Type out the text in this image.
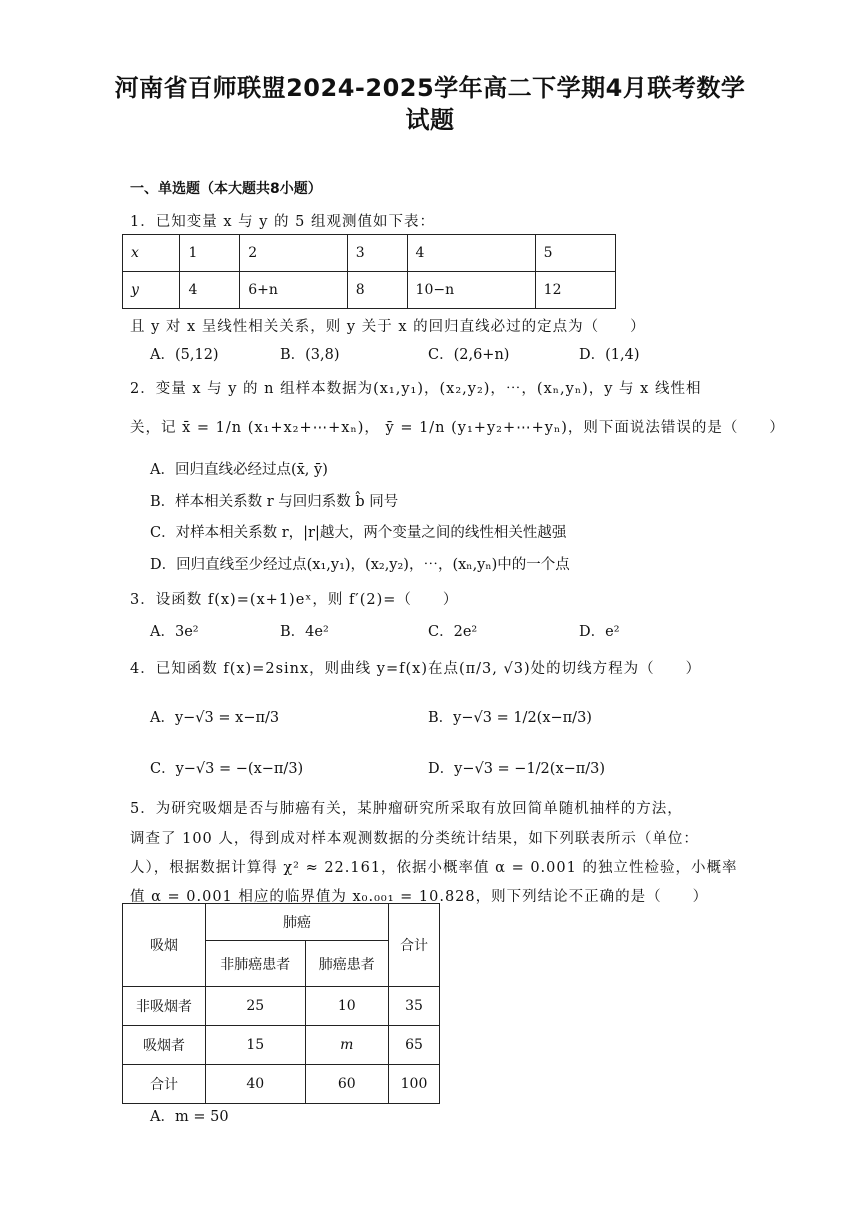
河南省百师联盟2024-2025学年高二下学期4月联考数学
试题
一、单选题（本大题共8小题）
1．已知变量 x 与 y 的 5 组观测值如下表：
x	1	2	3	4	5
y	4	6+n	8	10−n	12
且 y 对 x 呈线性相关关系，则 y 关于 x 的回归直线必过的定点为（　　）
A．(5,12)	B．(3,8)	C．(2,6+n)	D．(1,4)
2．变量 x 与 y 的 n 组样本数据为(x₁,y₁)，(x₂,y₂)，⋯，(xₙ,yₙ)，y 与 x 线性相
关，记 x̄ = 1/n (x₁+x₂+⋯+xₙ)， ȳ = 1/n (y₁+y₂+⋯+yₙ)，则下面说法错误的是（　　）
A．回归直线必经过点(x̄, ȳ)
B．样本相关系数 r 与回归系数 b̂ 同号
C．对样本相关系数 r，|r|越大，两个变量之间的线性相关性越强
D．回归直线至少经过点(x₁,y₁)，(x₂,y₂)，⋯，(xₙ,yₙ)中的一个点
3．设函数 f(x)=(x+1)eˣ，则 f′(2)=（　　）
A．3e²	B．4e²	C．2e²	D．e²
4．已知函数 f(x)=2sinx，则曲线 y=f(x)在点(π/3, √3)处的切线方程为（　　）
A．y−√3 = x−π/3	B．y−√3 = 1/2(x−π/3)
C．y−√3 = −(x−π/3)	D．y−√3 = −1/2(x−π/3)
5．为研究吸烟是否与肺癌有关，某肿瘤研究所采取有放回简单随机抽样的方法，
调查了 100 人，得到成对样本观测数据的分类统计结果，如下列联表所示（单位：
人），根据数据计算得 χ² ≈ 22.161，依据小概率值 α = 0.001 的独立性检验，小概率
值 α = 0.001 相应的临界值为 x₀.₀₀₁ = 10.828，则下列结论不正确的是（　　）
吸烟	肺癌		合计
	非肺癌患者	肺癌患者	
非吸烟者	25	10	35
吸烟者	15	m	65
合计	40	60	100
A．m = 50
